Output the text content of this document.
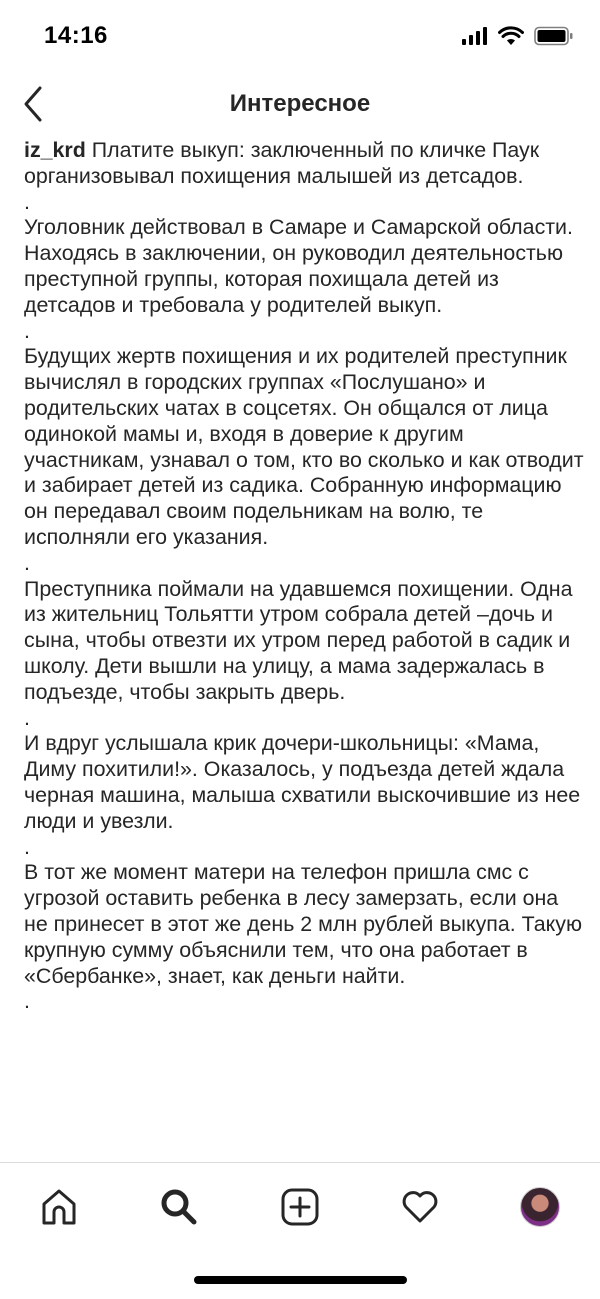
14:16
Интересное

iz_krd Платите выкуп: заключенный по кличке Паук организовывал похищения малышей из детсадов.

.

Уголовник действовал в Самаре и Самарской области. Находясь в заключении, он руководил деятельностью преступной группы, которая похищала детей из детсадов и требовала у родителей выкуп.

.

Будущих жертв похищения и их родителей преступник вычислял в городских группах «Послушано» и родительских чатах в соцсетях. Он общался от лица одинокой мамы и, входя в доверие к другим участникам, узнавал о том, кто во сколько и как отводит и забирает детей из садика. Собранную информацию он передавал своим подельникам на волю, те исполняли его указания.

.

Преступника поймали на удавшемся похищении. Одна из жительниц Тольятти утром собрала детей –дочь и сына, чтобы отвезти их утром перед работой в садик и школу. Дети вышли на улицу, а мама задержалась в подъезде, чтобы закрыть дверь.

.

И вдруг услышала крик дочери-школьницы: «Мама, Диму похитили!». Оказалось, у подъезда детей ждала черная машина, малыша схватили выскочившие из нее люди и увезли.

.

В тот же момент матери на телефон пришла смс с угрозой оставить ребенка в лесу замерзать, если она не принесет в этот же день 2 млн рублей выкупа. Такую крупную сумму объяснили тем, что она работает в «Сбербанке», знает, как деньги найти.

.
